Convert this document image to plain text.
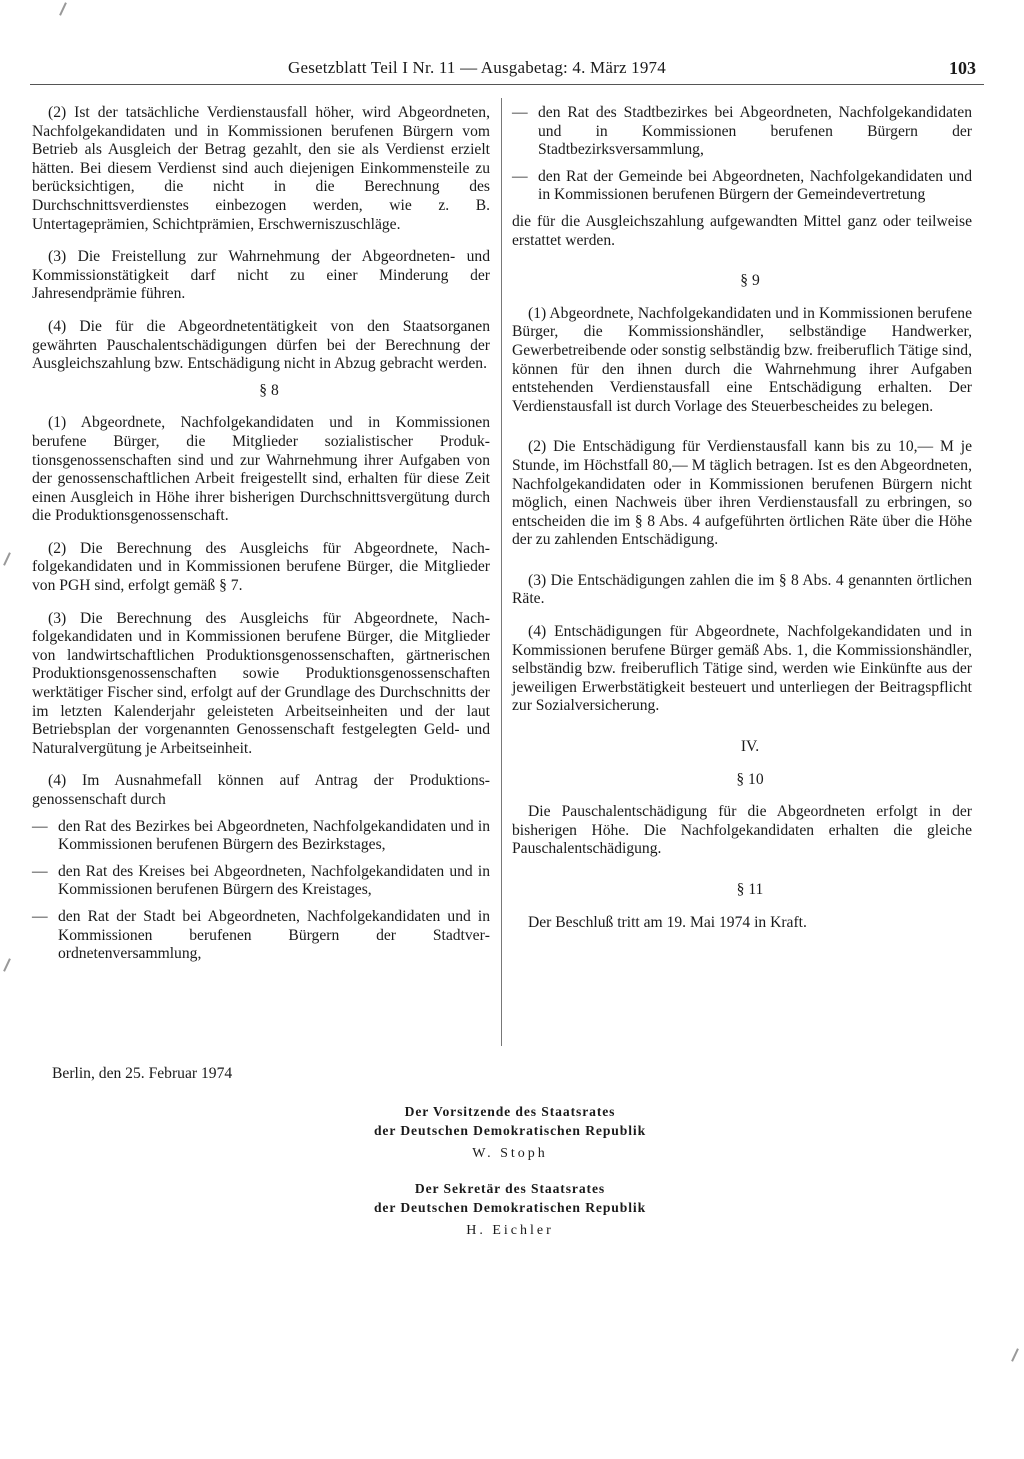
Gesetzblatt Teil I Nr. 11 — Ausgabetag: 4. März 1974	103

(2) Ist der tatsächliche Verdienstausfall höher, wird Abgeordneten, Nachfolgekandidaten und in Kommissionen berufenen Bürgern vom Betrieb als Ausgleich der Betrag gezahlt, den sie als Verdienst erzielt hätten. Bei diesem Verdienst sind auch diejenigen Einkommensteile zu berücksichtigen, die nicht in die Berechnung des Durchschnittsverdienstes einbezogen werden, wie z. B. Untertageprämien, Schichtprämien, Erschwerniszuschläge.

(3) Die Freistellung zur Wahrnehmung der Abgeordneten- und Kommissionstätigkeit darf nicht zu einer Minderung der Jahresendprämie führen.

(4) Die für die Abgeordnetentätigkeit von den Staatsorganen gewährten Pauschalentschädigungen dürfen bei der Berechnung der Ausgleichszahlung bzw. Entschädigung nicht in Abzug gebracht werden.

§ 8

(1) Abgeordnete, Nachfolgekandidaten und in Kommissionen berufene Bürger, die Mitglieder sozialistischer Produktionsgenossenschaften sind und zur Wahrnehmung ihrer Aufgaben von der genossenschaftlichen Arbeit freigestellt sind, erhalten für diese Zeit einen Ausgleich in Höhe ihrer bisherigen Durchschnittsvergütung durch die Produktionsgenossenschaft.

(2) Die Berechnung des Ausgleichs für Abgeordnete, Nachfolgekandidaten und in Kommissionen berufene Bürger, die Mitglieder von PGH sind, erfolgt gemäß § 7.

(3) Die Berechnung des Ausgleichs für Abgeordnete, Nachfolgekandidaten und in Kommissionen berufene Bürger, die Mitglieder von landwirtschaftlichen Produktionsgenossenschaften, gärtnerischen Produktionsgenossenschaften sowie Produktionsgenossenschaften werktätiger Fischer sind, erfolgt auf der Grundlage des Durchschnitts der im letzten Kalenderjahr geleisteten Arbeitseinheiten und der laut Betriebsplan der vorgenannten Genossenschaft festgelegten Geld- und Naturalvergütung je Arbeitseinheit.

(4) Im Ausnahmefall können auf Antrag der Produktionsgenossenschaft durch

— den Rat des Bezirkes bei Abgeordneten, Nachfolgekandidaten und in Kommissionen berufenen Bürgern des Bezirkstages,

— den Rat des Kreises bei Abgeordneten, Nachfolgekandidaten und in Kommissionen berufenen Bürgern des Kreistages,

— den Rat der Stadt bei Abgeordneten, Nachfolgekandidaten und in Kommissionen berufenen Bürgern der Stadtverordnetenversammlung,

— den Rat des Stadtbezirkes bei Abgeordneten, Nachfolgekandidaten und in Kommissionen berufenen Bürgern der Stadtbezirksversammlung,

— den Rat der Gemeinde bei Abgeordneten, Nachfolgekandidaten und in Kommissionen berufenen Bürgern der Gemeindevertretung

die für die Ausgleichszahlung aufgewandten Mittel ganz oder teilweise erstattet werden.

§ 9

(1) Abgeordnete, Nachfolgekandidaten und in Kommissionen berufene Bürger, die Kommissionshändler, selbständige Handwerker, Gewerbetreibende oder sonstig selbständig bzw. freiberuflich Tätige sind, können für den ihnen durch die Wahrnehmung ihrer Aufgaben entstehenden Verdienstausfall eine Entschädigung erhalten. Der Verdienstausfall ist durch Vorlage des Steuerbescheides zu belegen.

(2) Die Entschädigung für Verdienstausfall kann bis zu 10,— M je Stunde, im Höchstfall 80,— M täglich betragen. Ist es den Abgeordneten, Nachfolgekandidaten oder in Kommissionen berufenen Bürgern nicht möglich, einen Nachweis über ihren Verdienstausfall zu erbringen, so entscheiden die im § 8 Abs. 4 aufgeführten örtlichen Räte über die Höhe der zu zahlenden Entschädigung.

(3) Die Entschädigungen zahlen die im § 8 Abs. 4 genannten örtlichen Räte.

(4) Entschädigungen für Abgeordnete, Nachfolgekandidaten und in Kommissionen berufene Bürger gemäß Abs. 1, die Kommissionshändler, selbständig bzw. freiberuflich Tätige sind, werden wie Einkünfte aus der jeweiligen Erwerbstätigkeit besteuert und unterliegen der Beitragspflicht zur Sozialversicherung.

IV.

§ 10

Die Pauschalentschädigung für die Abgeordneten erfolgt in der bisherigen Höhe. Die Nachfolgekandidaten erhalten die gleiche Pauschalentschädigung.

§ 11

Der Beschluß tritt am 19. Mai 1974 in Kraft.

Berlin, den 25. Februar 1974
Der Vorsitzende des Staatsrates
der Deutschen Demokratischen Republik
W. Stoph
Der Sekretär des Staatsrates
der Deutschen Demokratischen Republik
H. Eichler
